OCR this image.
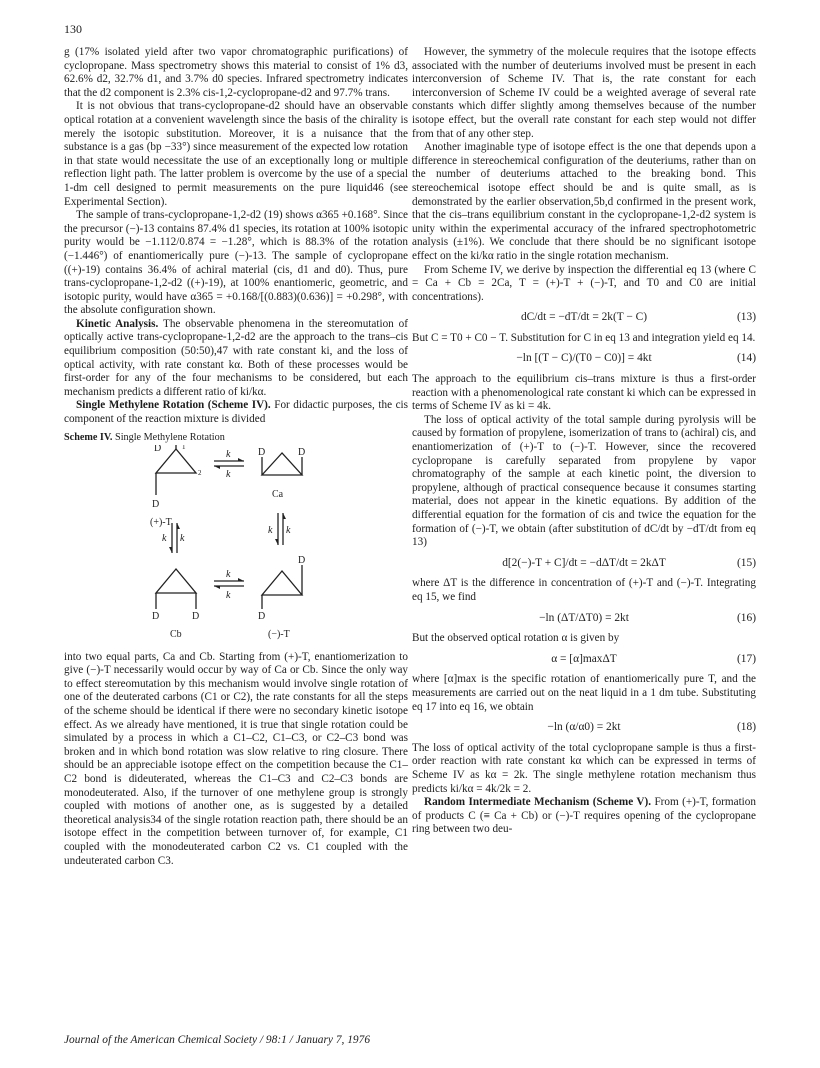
130

g (17% isolated yield after two vapor chromatographic purifications) of cyclopropane. Mass spectrometry shows this material to consist of 1% d3, 62.6% d2, 32.7% d1, and 3.7% d0 species. Infrared spectrometry indicates that the d2 component is 2.3% cis-1,2-cyclopropane-d2 and 97.7% trans.

It is not obvious that trans-cyclopropane-d2 should have an observable optical rotation at a convenient wavelength since the basis of the chirality is merely the isotopic substitution. Moreover, it is a nuisance that the substance is a gas (bp −33°) since measurement of the expected low rotation in that state would necessitate the use of an exceptionally long or multiple reflection light path. The latter problem is overcome by the use of a special 1-dm cell designed to permit measurements on the pure liquid46 (see Experimental Section).

The sample of trans-cyclopropane-1,2-d2 (19) shows α365 +0.168°. Since the precursor (−)-13 contains 87.4% d1 species, its rotation at 100% isotopic purity would be −1.112/0.874 = −1.28°, which is 88.3% of the rotation (−1.446°) of enantiomerically pure (−)-13. The sample of cyclopropane ((+)-19) contains 36.4% of achiral material (cis, d1 and d0). Thus, pure trans-cyclopropane-1,2-d2 ((+)-19), at 100% enantiomeric, geometric, and isotopic purity, would have α365 = +0.168/[(0.883)(0.636)] = +0.298°, with the absolute configuration shown.

Kinetic Analysis. The observable phenomena in the stereomutation of optically active trans-cyclopropane-1,2-d2 are the approach to the trans–cis equilibrium composition (50:50),47 with rate constant ki, and the loss of optical activity, with rate constant kα. Both of these processes would be first-order for any of the four mechanisms to be considered, but each mechanism predicts a different ratio of ki/kα.

Single Methylene Rotation (Scheme IV). For didactic purposes, the cis component of the reaction mixture is divided

Scheme IV. Single Methylene Rotation
D	1
2
D
k
k
D	D
Ca
(+)-T
k k
k k
k
k
D
D	D	D
Cb	(−)-T

into two equal parts, Ca and Cb. Starting from (+)-T, enantiomerization to give (−)-T necessarily would occur by way of Ca or Cb. Since the only way to effect stereomutation by this mechanism would involve single rotation of one of the deuterated carbons (C1 or C2), the rate constants for all the steps of the scheme should be identical if there were no secondary kinetic isotope effect. As we already have mentioned, it is true that single rotation could be simulated by a process in which a C1–C2, C1–C3, or C2–C3 bond was broken and in which bond rotation was slow relative to ring closure. There should be an appreciable isotope effect on the competition because the C1–C2 bond is dideuterated, whereas the C1–C3 and C2–C3 bonds are monodeuterated. Also, if the turnover of one methylene group is strongly coupled with motions of another one, as is suggested by a detailed theoretical analysis34 of the single rotation reaction path, there should be an isotope effect in the competition between turnover of, for example, C1 coupled with the monodeuterated carbon C2 vs. C1 coupled with the undeuterated carbon C3.

However, the symmetry of the molecule requires that the isotope effects associated with the number of deuteriums involved must be present in each interconversion of Scheme IV. That is, the rate constant for each interconversion of Scheme IV could be a weighted average of several rate constants which differ slightly among themselves because of the number isotope effect, but the overall rate constant for each step would not differ from that of any other step.

Another imaginable type of isotope effect is the one that depends upon a difference in stereochemical configuration of the deuteriums, rather than on the number of deuteriums attached to the breaking bond. This stereochemical isotope effect should be and is quite small, as is demonstrated by the earlier observation,5b,d confirmed in the present work, that the cis–trans equilibrium constant in the cyclopropane-1,2-d2 system is unity within the experimental accuracy of the infrared spectrophotometric analysis (±1%). We conclude that there should be no significant isotope effect on the ki/kα ratio in the single rotation mechanism.

From Scheme IV, we derive by inspection the differential eq 13 (where C = Ca + Cb = 2Ca, T = (+)-T + (−)-T, and T0 and C0 are initial concentrations).

dC/dt = −dT/dt = 2k(T − C)	(13)

But C = T0 + C0 − T. Substitution for C in eq 13 and integration yield eq 14.

−ln [(T − C)/(T0 − C0)] = 4kt	(14)

The approach to the equilibrium cis–trans mixture is thus a first-order reaction with a phenomenological rate constant ki which can be expressed in terms of Scheme IV as ki = 4k.

The loss of optical activity of the total sample during pyrolysis will be caused by formation of propylene, isomerization of trans to (achiral) cis, and enantiomerization of (+)-T to (−)-T. However, since the recovered cyclopropane is carefully separated from propylene by vapor chromatography of the sample at each kinetic point, the diversion to propylene, although of practical consequence because it consumes starting material, does not appear in the kinetic equations. By addition of the differential equation for the formation of cis and twice the equation for the formation of (−)-T, we obtain (after substitution of dC/dt by −dT/dt from eq 13)

d[2(−)-T + C]/dt = −dΔT/dt = 2kΔT	(15)

where ΔT is the difference in concentration of (+)-T and (−)-T. Integrating eq 15, we find

−ln (ΔT/ΔT0) = 2kt	(16)

But the observed optical rotation α is given by

α = [α]maxΔT	(17)

where [α]max is the specific rotation of enantiomerically pure T, and the measurements are carried out on the neat liquid in a 1 dm tube. Substituting eq 17 into eq 16, we obtain

−ln (α/α0) = 2kt	(18)

The loss of optical activity of the total cyclopropane sample is thus a first-order reaction with rate constant kα which can be expressed in terms of Scheme IV as kα = 2k. The single methylene rotation mechanism thus predicts ki/kα = 4k/2k = 2.

Random Intermediate Mechanism (Scheme V). From (+)-T, formation of products C (≡ Ca + Cb) or (−)-T requires opening of the cyclopropane ring between two deu-

Journal of the American Chemical Society / 98:1 / January 7, 1976
